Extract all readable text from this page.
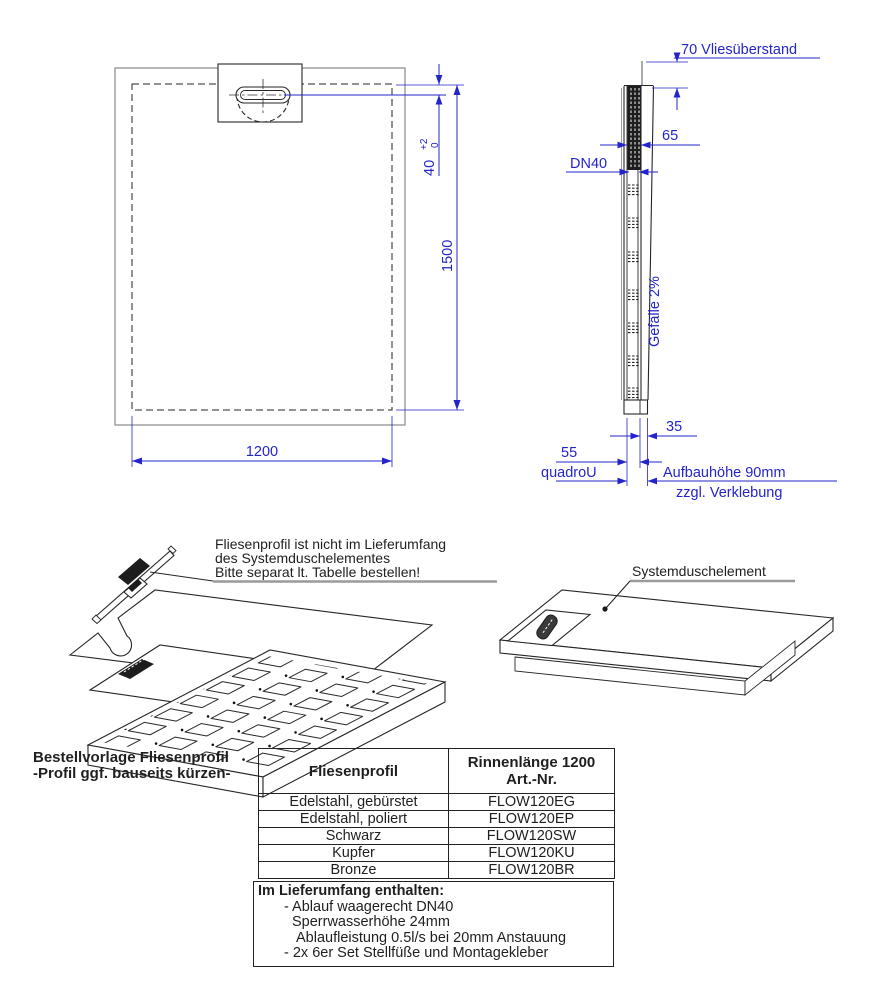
40
+2 0
1500
1200
70 Vliesüberstand
65
DN40
Gefälle 2%
35
55
quadroU	Aufbauhöhe 90mm
zzgl. Verklebung
Fliesenprofil ist nicht im Lieferumfang
des Systemduschelementes
Bitte separat lt. Tabelle bestellen!	Systemduschelement
Bestellvorlage Fliesenprofil
-Profil ggf. bauseits kürzen-	Fliesenprofil	Rinnenlänge 1200
Art.-Nr.

Edelstahl, gebürstet	FLOW120EG
Edelstahl, poliert	FLOW120EP
Schwarz	FLOW120SW
Kupfer	FLOW120KU
Bronze	FLOW120BR
Im Lieferumfang enthalten:
- Ablauf waagerecht DN40
Sperrwasserhöhe 24mm
Ablaufleistung 0.5l/s bei 20mm Anstauung
- 2x 6er Set Stellfüße und Montagekleber
